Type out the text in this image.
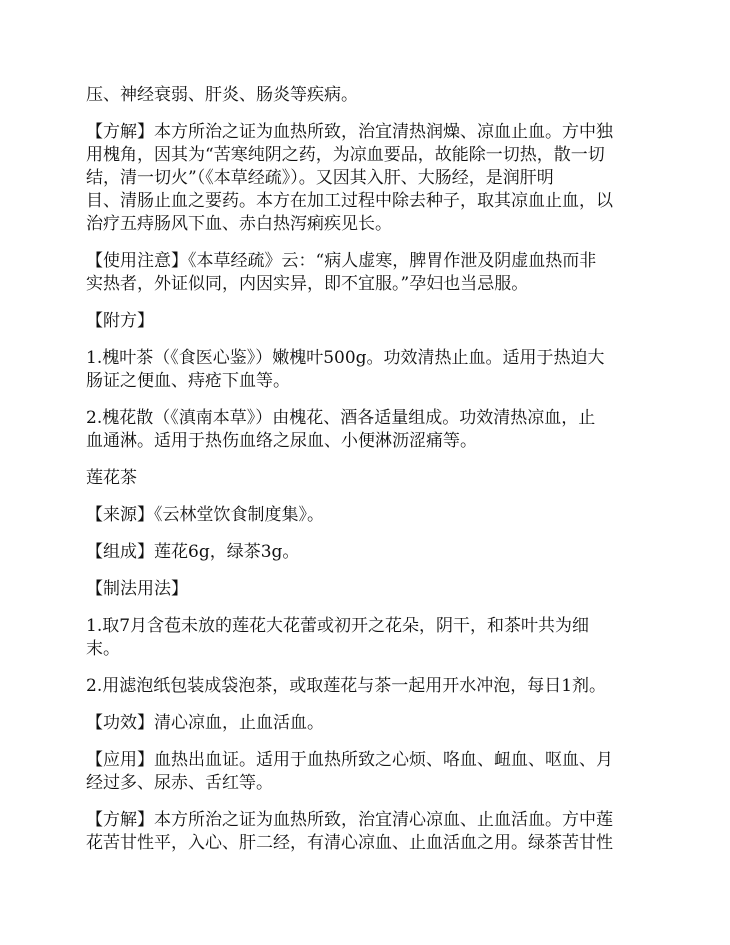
压、神经衰弱、肝炎、肠炎等疾病。

【方解】本方所治之证为血热所致，治宜清热润燥、凉血止血。方中独
用槐角，因其为“苦寒纯阴之药，为凉血要品，故能除一切热，散一切
结，清一切火”（《本草经疏》）。又因其入肝、大肠经，是润肝明
目、清肠止血之要药。本方在加工过程中除去种子，取其凉血止血，以
治疗五痔肠风下血、赤白热泻痢疾见长。

【使用注意】《本草经疏》云：“病人虚寒，脾胃作泄及阴虚血热而非
实热者，外证似同，内因实异，即不宜服。”孕妇也当忌服。

【附方】

1.槐叶茶（《食医心鉴》）嫩槐叶500g。功效清热止血。适用于热迫大
肠证之便血、痔疮下血等。

2.槐花散（《滇南本草》）由槐花、酒各适量组成。功效清热凉血，止
血通淋。适用于热伤血络之尿血、小便淋沥涩痛等。

莲花茶

【来源】《云林堂饮食制度集》。

【组成】莲花6g，绿茶3g。

【制法用法】

1.取7月含苞未放的莲花大花蕾或初开之花朵，阴干，和茶叶共为细
末。

2.用滤泡纸包装成袋泡茶，或取莲花与茶一起用开水冲泡，每日1剂。

【功效】清心凉血，止血活血。

【应用】血热出血证。适用于血热所致之心烦、咯血、衄血、呕血、月
经过多、尿赤、舌红等。

【方解】本方所治之证为血热所致，治宜清心凉血、止血活血。方中莲
花苦甘性平，入心、肝二经，有清心凉血、止血活血之用。绿茶苦甘性
